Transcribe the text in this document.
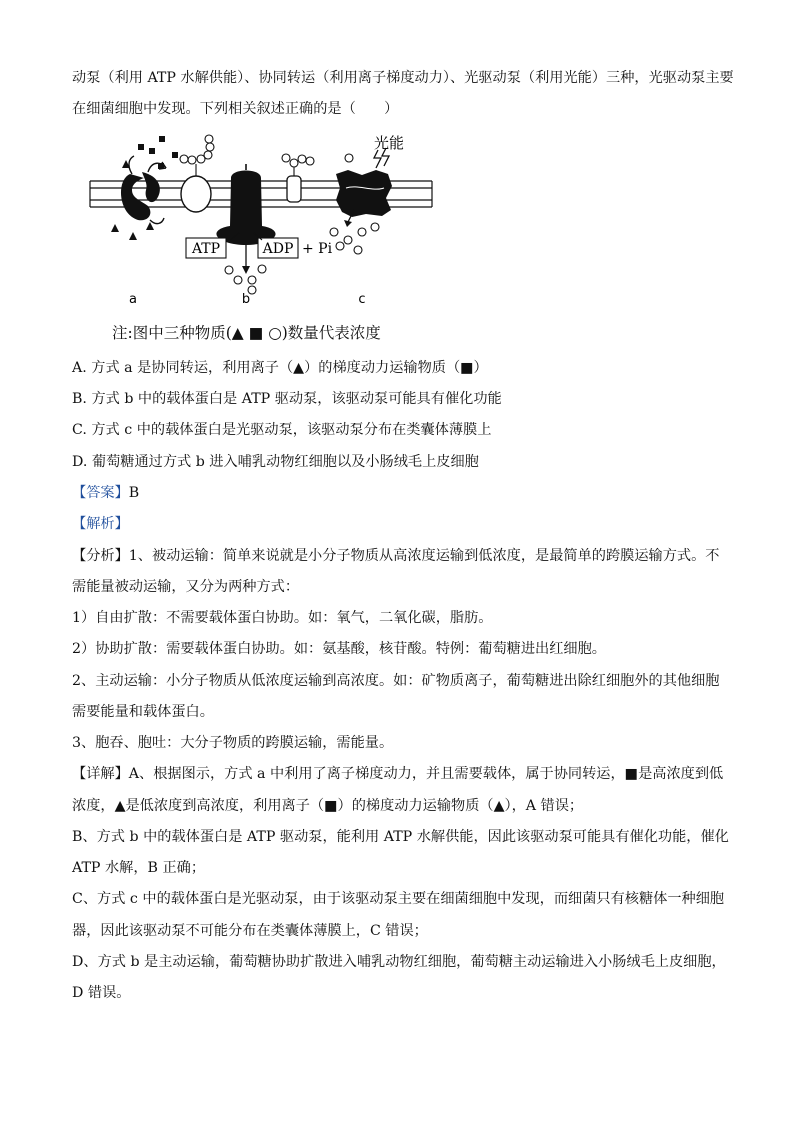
动泵（利用 ATP 水解供能）、协同转运（利用离子梯度动力）、光驱动泵（利用光能）三种，光驱动泵主要
在细菌细胞中发现。下列相关叙述正确的是（　　）
ATP	ADP + Pi
光能
a	b	c
注:图中三种物质(▲ ■ ○)数量代表浓度
A. 方式 a 是协同转运，利用离子（▲）的梯度动力运输物质（■）
B. 方式 b 中的载体蛋白是 ATP 驱动泵，该驱动泵可能具有催化功能
C. 方式 c 中的载体蛋白是光驱动泵，该驱动泵分布在类囊体薄膜上
D. 葡萄糖通过方式 b 进入哺乳动物红细胞以及小肠绒毛上皮细胞
【答案】B
【解析】
【分析】1、被动运输：简单来说就是小分子物质从高浓度运输到低浓度，是最简单的跨膜运输方式。不
需能量被动运输，又分为两种方式：
1）自由扩散：不需要载体蛋白协助。如：氧气，二氧化碳，脂肪。
2）协助扩散：需要载体蛋白协助。如：氨基酸，核苷酸。特例：葡萄糖进出红细胞。
2、主动运输：小分子物质从低浓度运输到高浓度。如：矿物质离子，葡萄糖进出除红细胞外的其他细胞
需要能量和载体蛋白。
3、胞吞、胞吐：大分子物质的跨膜运输，需能量。
【详解】A、根据图示，方式 a 中利用了离子梯度动力，并且需要载体，属于协同转运，■是高浓度到低
浓度，▲是低浓度到高浓度，利用离子（■）的梯度动力运输物质（▲），A 错误；
B、方式 b 中的载体蛋白是 ATP 驱动泵，能利用 ATP 水解供能，因此该驱动泵可能具有催化功能，催化
ATP 水解，B 正确；
C、方式 c 中的载体蛋白是光驱动泵，由于该驱动泵主要在细菌细胞中发现，而细菌只有核糖体一种细胞
器，因此该驱动泵不可能分布在类囊体薄膜上，C 错误；
D、方式 b 是主动运输，葡萄糖协助扩散进入哺乳动物红细胞，葡萄糖主动运输进入小肠绒毛上皮细胞，
D 错误。
